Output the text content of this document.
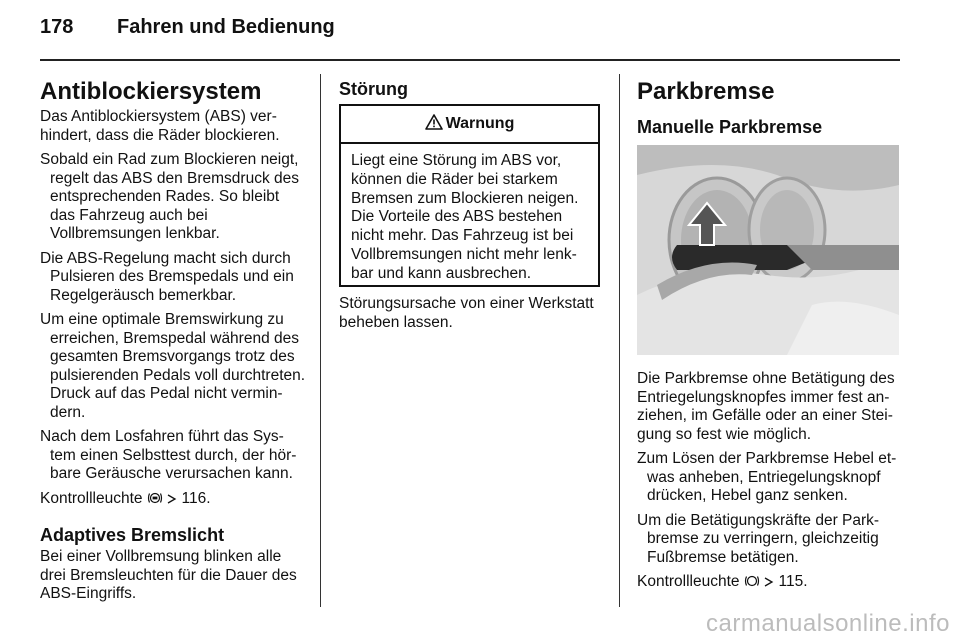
178 Fahren und Bedienung
Antiblockiersystem

Das Antiblockiersystem (ABS) ver-hindert, dass die Räder blockieren.

Sobald ein Rad zum Blockieren neigt, regelt das ABS den Bremsdruck des entsprechenden Rades. So bleibt das Fahrzeug auch bei Vollbremsungen lenkbar.

Die ABS-Regelung macht sich durch Pulsieren des Bremspedals und ein Regelgeräusch bemerkbar.

Um eine optimale Bremswirkung zu erreichen, Bremspedal während des gesamten Bremsvorgangs trotz des pulsierenden Pedals voll durchtreten. Druck auf das Pedal nicht vermin-dern.

Nach dem Losfahren führt das Sys-tem einen Selbsttest durch, der hör-bare Geräusche verursachen kann.

Kontrollleuchte	116.

Adaptives Bremslicht

Bei einer Vollbremsung blinken alle drei Bremsleuchten für die Dauer des ABS-Eingriffs.

Störung
Warnung
Liegt eine Störung im ABS vor, können die Räder bei starkem Bremsen zum Blockieren neigen. Die Vorteile des ABS bestehen nicht mehr. Das Fahrzeug ist bei Vollbremsungen nicht mehr lenk-bar und kann ausbrechen.

Störungsursache von einer Werkstatt beheben lassen.

Parkbremse
Manuelle Parkbremse

Die Parkbremse ohne Betätigung des Entriegelungsknopfes immer fest an-ziehen, im Gefälle oder an einer Stei-gung so fest wie möglich.

Zum Lösen der Parkbremse Hebel et-was anheben, Entriegelungsknopf drücken, Hebel ganz senken.

Um die Betätigungskräfte der Park-bremse zu verringern, gleichzeitig Fußbremse betätigen.

Kontrollleuchte	115.

carmanualsonline.info
